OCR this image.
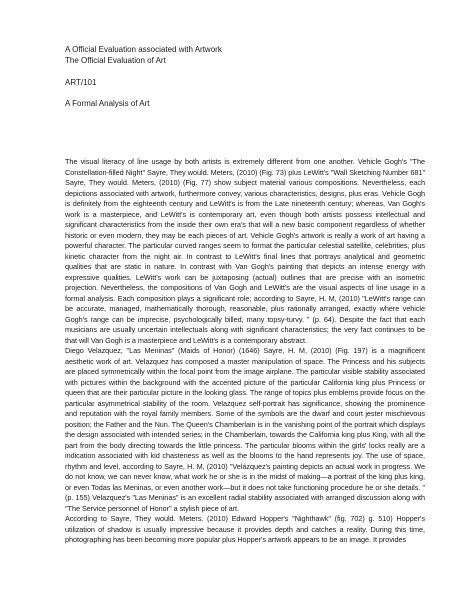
A Official Evaluation associated with Artwork
The Official Evaluation of Art
ART/101
A Formal Analysis of Art

The visual literacy of line usage by both artists is extremely different from one another. Vehicle Gogh's "The Constellation-filled Night" Sayre, They would. Meters, (2010) (Fig. 73) plus LeWitt's "Wall Sketching Number 681" Sayre, They would. Meters, (2010) (Fig. 77) show subject material various compositions. Nevertheless, each depictions associated with artwork, furthermore convey, various characteristics, designs, plus eras. Vehicle Gogh is definitely from the eighteenth century and LeWitt's is from the Late nineteenth century; whereas, Van Gogh's work is a masterpiece, and LeWitt's is contemporary art, even though both artists possess intellectual and significant characteristics from the inside their own era's that will a new basic component regardless of whether historic or even modern, they may be each pieces of art. Vehicle Gogh's artwork is really a work of art having a powerful character. The particular curved ranges seem to format the particular celestial satellite, celebrities, plus kinetic character from the night air. In contrast to LeWitt's final lines that portrays analytical and geometric qualities that are static in nature. In contrast with Van Gogh's painting that depicts an intense energy with expressive qualities. LeWitt's work can be juxtaposing (actual) outlines that are precise with an isometric projection. Nevertheless, the compositions of Van Gogh and LeWitt's are the visual aspects of line usage in a formal analysis. Each composition plays a significant role; according to Sayre, H. M, (2010) "LeWitt's range can be accurate, managed, mathematically thorough, reasonable, plus rationally arranged, exactly where vehicle Gogh's range can be imprecise, psychologically billed, many topsy-turvy. " (p. 64). Despite the fact that each musicians are usually uncertain intellectuals along with significant characteristics; the very fact continues to be that will Van Gogh is a masterpiece and LeWitt's is a contemporary abstract.

Diego Velazquez, "Las Meninas" (Maids of Honor) (1646) Sayre, H. M, (2010) (Fig. 197) is a magnificent aesthetic work of art. Velazquez has composed a master manipulation of space. The Princess and his subjects are placed symmetrically within the focal point from the image airplane. The particular visible stability associated with pictures within the background with the accented picture of the particular California king plus Princess or queen that are their particular picture in the looking glass. The range of topics plus emblems provide focus on the particular asymmetrical stability of the room. Velazquez self-portrait has significance, showing the prominence and reputation with the royal family members. Some of the symbols are the dwarf and court jester mischievous position; the Father and the Nun. The Queen's Chamberlain is in the vanishing point of the portrait which displays the design associated with intended series; in the Chamberlain, towards the California king plus King, with all the part from the body directing towards the little princess. The particular blooms within the girls' locks really are a indication associated with kid chasteness as well as the blooms to the hand represents joy. The use of space, rhythm and level, according to Sayre, H. M, (2010) "Velázquez's painting depicts an actual work in progress. We do not know, we can never know, what work he or she is in the midst of making—a portrait of the king plus king, or even Todas las Meninas, or even another work—but it does not take functioning procedure he or she details. " (p. 155) Velazquez's "Las Meninas" is an excellent radial stability associated with arranged discussion along with "The Service personnel of Honor" a stylish piece of art.

According to Sayre, They would. Meters. (2010) Edward Hopper's "Nighthawk" (fig. 702) g. 510) Hopper's utilization of shadow is usually impressive because it provides depth and catches a reality. During this time, photographing has been becoming more popular plus Hopper's artwork appears to be an image. It provides
